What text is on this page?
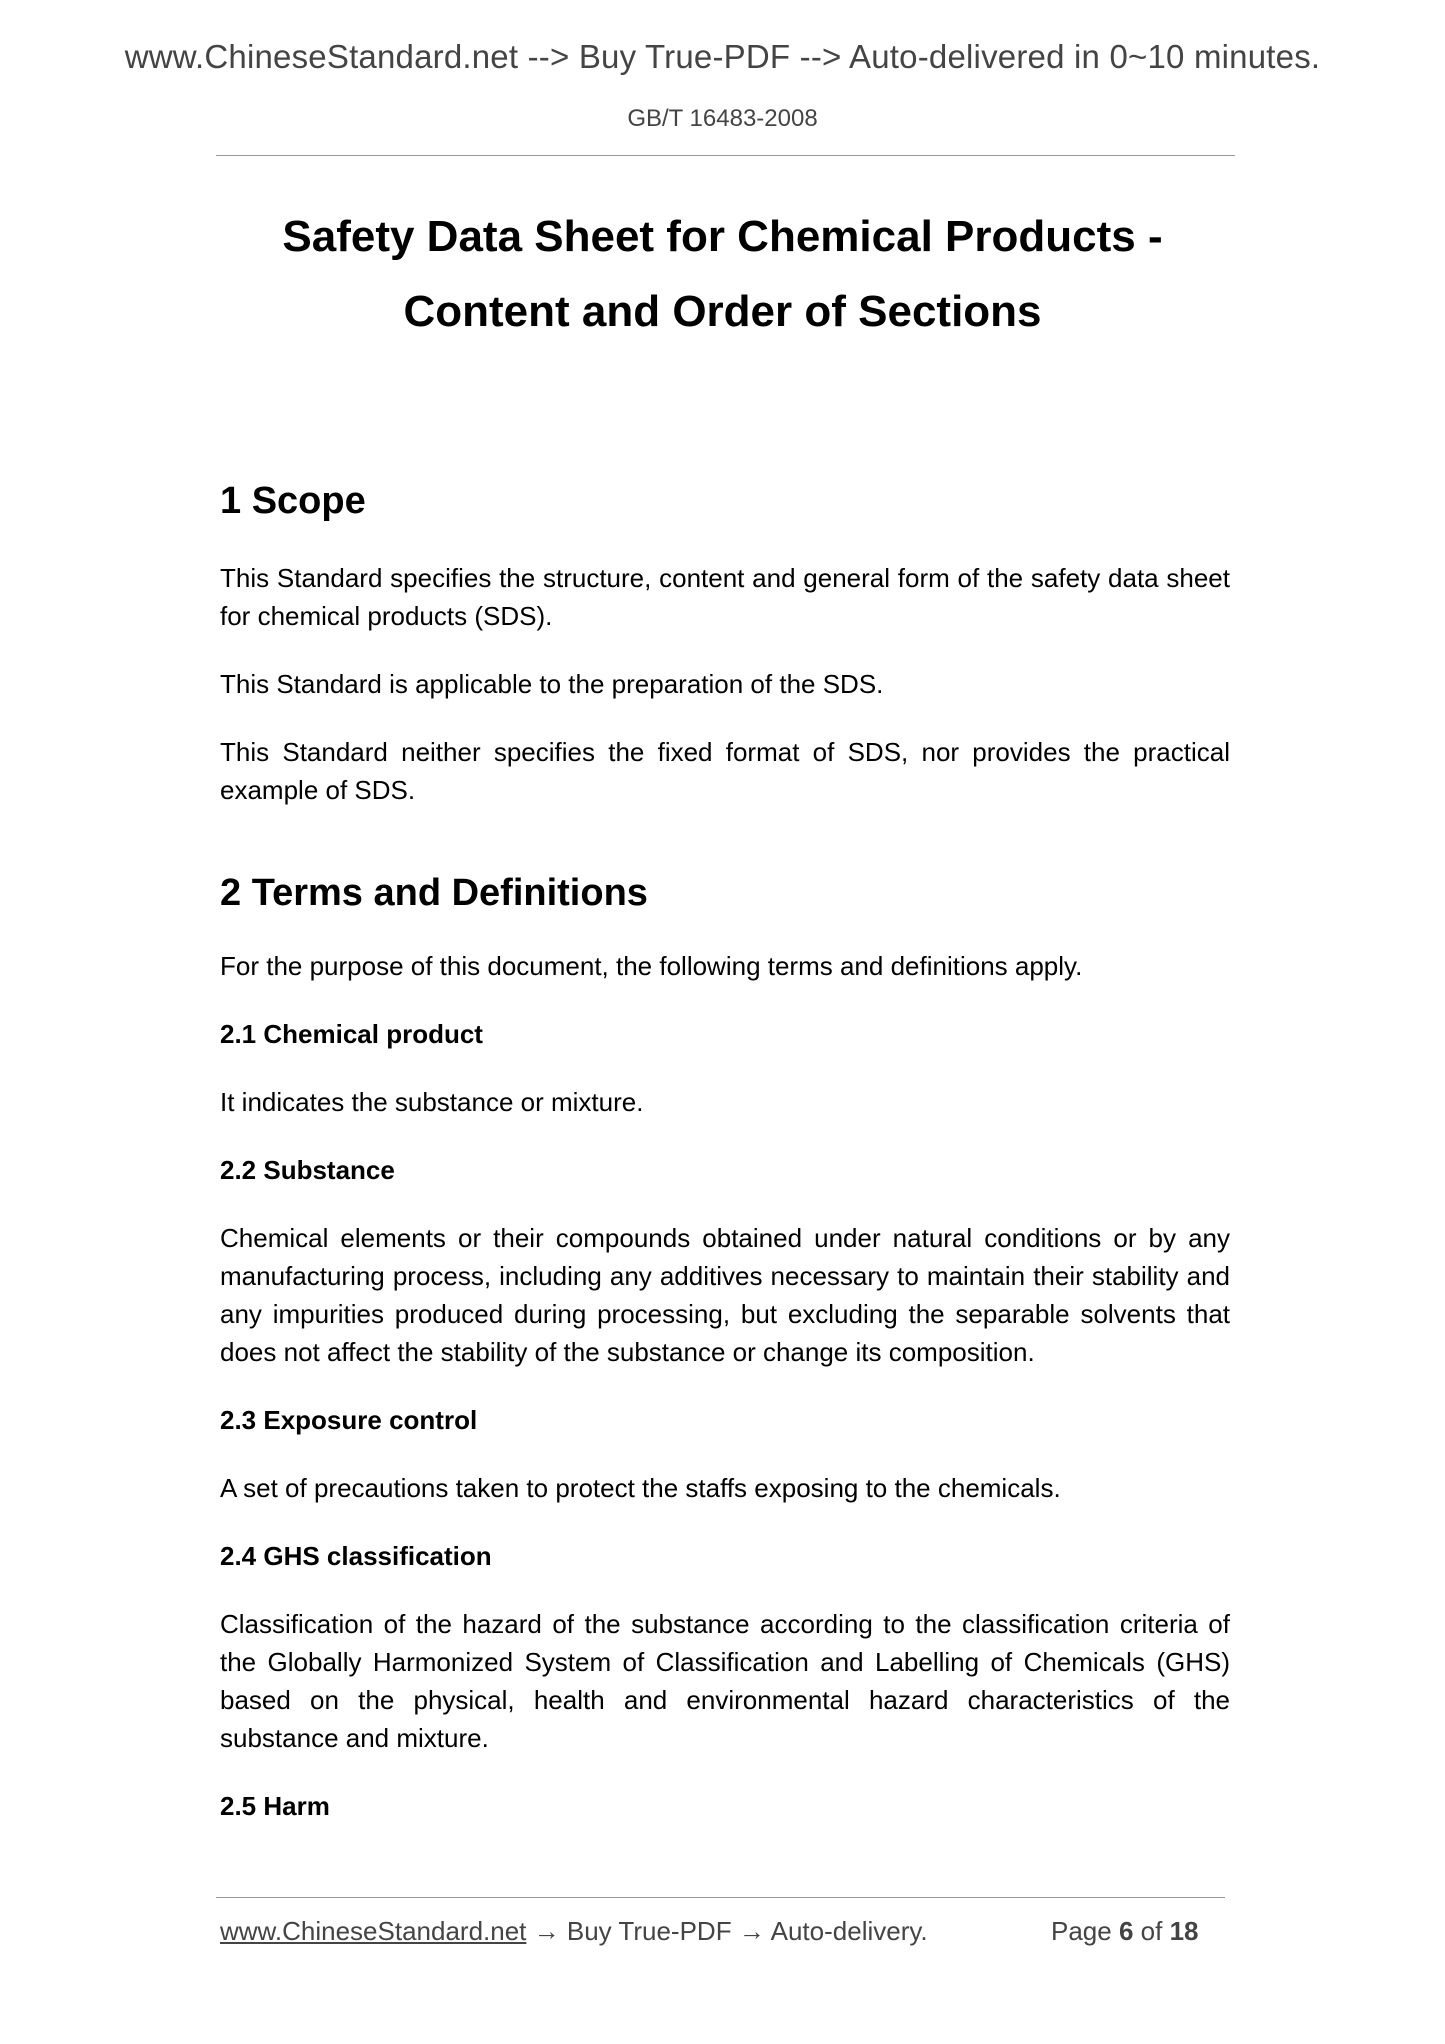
www.ChineseStandard.net --> Buy True-PDF --> Auto-delivered in 0~10 minutes.
GB/T 16483-2008
Safety Data Sheet for Chemical Products -
Content and Order of Sections
1 Scope

This Standard specifies the structure, content and general form of the safety data sheet for chemical products (SDS).

This Standard is applicable to the preparation of the SDS.

This Standard neither specifies the fixed format of SDS, nor provides the practical example of SDS.

2 Terms and Definitions

For the purpose of this document, the following terms and definitions apply.

2.1 Chemical product

It indicates the substance or mixture.

2.2 Substance

Chemical elements or their compounds obtained under natural conditions or by any manufacturing process, including any additives necessary to maintain their stability and any impurities produced during processing, but excluding the separable solvents that does not affect the stability of the substance or change its composition.

2.3 Exposure control

A set of precautions taken to protect the staffs exposing to the chemicals.

2.4 GHS classification

Classification of the hazard of the substance according to the classification criteria of the Globally Harmonized System of Classification and Labelling of Chemicals (GHS) based on the physical, health and environmental hazard characteristics of the substance and mixture.

2.5 Harm

www.ChineseStandard.net → Buy True-PDF → Auto-delivery.	Page 6 of 18
